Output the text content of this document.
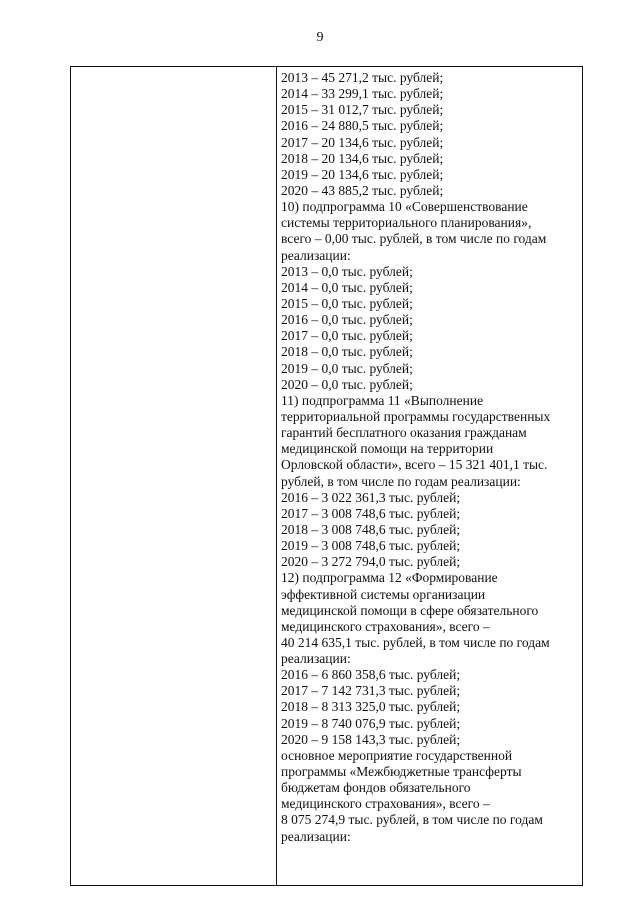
9

2013 – 45 271,2 тыс. рублей;
2014 – 33 299,1 тыс. рублей;
2015 – 31 012,7 тыс. рублей;
2016 – 24 880,5 тыс. рублей;
2017 – 20 134,6 тыс. рублей;
2018 – 20 134,6 тыс. рублей;
2019 – 20 134,6 тыс. рублей;
2020 – 43 885,2 тыс. рублей;
10) подпрограмма 10 «Совершенствование
системы территориального планирования»,
всего – 0,00 тыс. рублей, в том числе по годам
реализации:
2013 – 0,0 тыс. рублей;
2014 – 0,0 тыс. рублей;
2015 – 0,0 тыс. рублей;
2016 – 0,0 тыс. рублей;
2017 – 0,0 тыс. рублей;
2018 – 0,0 тыс. рублей;
2019 – 0,0 тыс. рублей;
2020 – 0,0 тыс. рублей;
11) подпрограмма 11 «Выполнение
территориальной программы государственных
гарантий бесплатного оказания гражданам
медицинской помощи на территории
Орловской области», всего – 15 321 401,1 тыс.
рублей, в том числе по годам реализации:
2016 – 3 022 361,3 тыс. рублей;
2017 – 3 008 748,6 тыс. рублей;
2018 – 3 008 748,6 тыс. рублей;
2019 – 3 008 748,6 тыс. рублей;
2020 – 3 272 794,0 тыс. рублей;
12) подпрограмма 12 «Формирование
эффективной системы организации
медицинской помощи в сфере обязательного
медицинского страхования», всего –
40 214 635,1 тыс. рублей, в том числе по годам
реализации:
2016 – 6 860 358,6 тыс. рублей;
2017 – 7 142 731,3 тыс. рублей;
2018 – 8 313 325,0 тыс. рублей;
2019 – 8 740 076,9 тыс. рублей;
2020 – 9 158 143,3 тыс. рублей;
основное мероприятие государственной
программы «Межбюджетные трансферты
бюджетам фондов обязательного
медицинского страхования», всего –
8 075 274,9 тыс. рублей, в том числе по годам
реализации:
